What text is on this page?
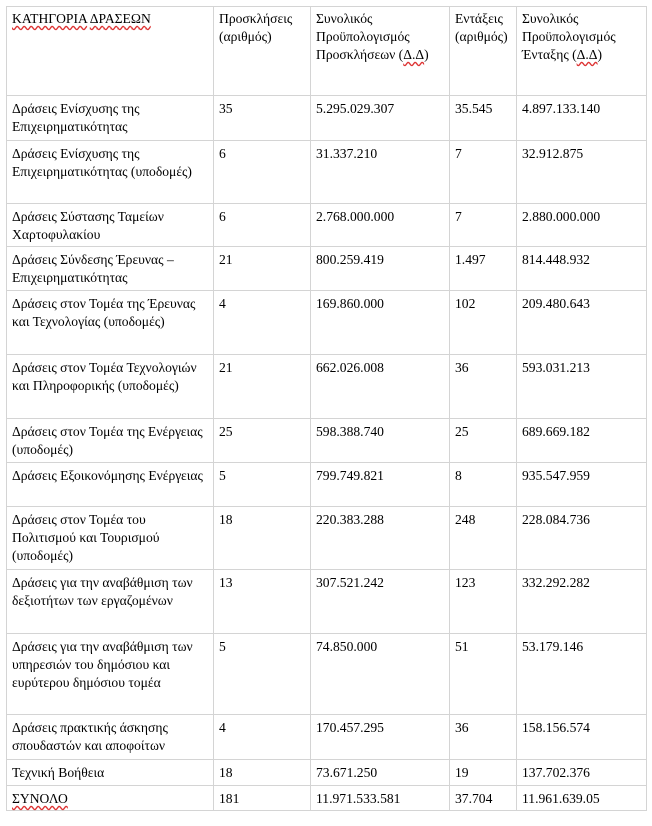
ΚΑΤΗΓΟΡΙΑ ΔΡΑΣΕΩΝ	Προσκλήσεις (αριθμός)	Συνολικός Προϋπολογισμός Προσκλήσεων (Δ.Δ)	Εντάξεις (αριθμός)	Συνολικός Προϋπολογισμός Ένταξης (Δ.Δ)
Δράσεις Ενίσχυσης της Επιχειρηματικότητας	35	5.295.029.307	35.545	4.897.133.140
Δράσεις Ενίσχυσης της Επιχειρηματικότητας (υποδομές)	6	31.337.210	7	32.912.875
Δράσεις Σύστασης Ταμείων Χαρτοφυλακίου	6	2.768.000.000	7	2.880.000.000
Δράσεις Σύνδεσης Έρευνας – Επιχειρηματικότητας	21	800.259.419	1.497	814.448.932
Δράσεις στον Τομέα της Έρευνας και Τεχνολογίας (υποδομές)	4	169.860.000	102	209.480.643
Δράσεις στον Τομέα Τεχνολογιών και Πληροφορικής (υποδομές)	21	662.026.008	36	593.031.213
Δράσεις στον Τομέα της Ενέργειας (υποδομές)	25	598.388.740	25	689.669.182
Δράσεις Εξοικονόμησης Ενέργειας	5	799.749.821	8	935.547.959
Δράσεις στον Τομέα του Πολιτισμού και Τουρισμού (υποδομές)	18	220.383.288	248	228.084.736
Δράσεις για την αναβάθμιση των δεξιοτήτων των εργαζομένων	13	307.521.242	123	332.292.282
Δράσεις για την αναβάθμιση των υπηρεσιών του δημόσιου και ευρύτερου δημόσιου τομέα	5	74.850.000	51	53.179.146
Δράσεις πρακτικής άσκησης σπουδαστών και αποφοίτων	4	170.457.295	36	158.156.574
Τεχνική Βοήθεια	18	73.671.250	19	137.702.376
ΣΥΝΟΛΟ	181	11.971.533.581	37.704	11.961.639.05
